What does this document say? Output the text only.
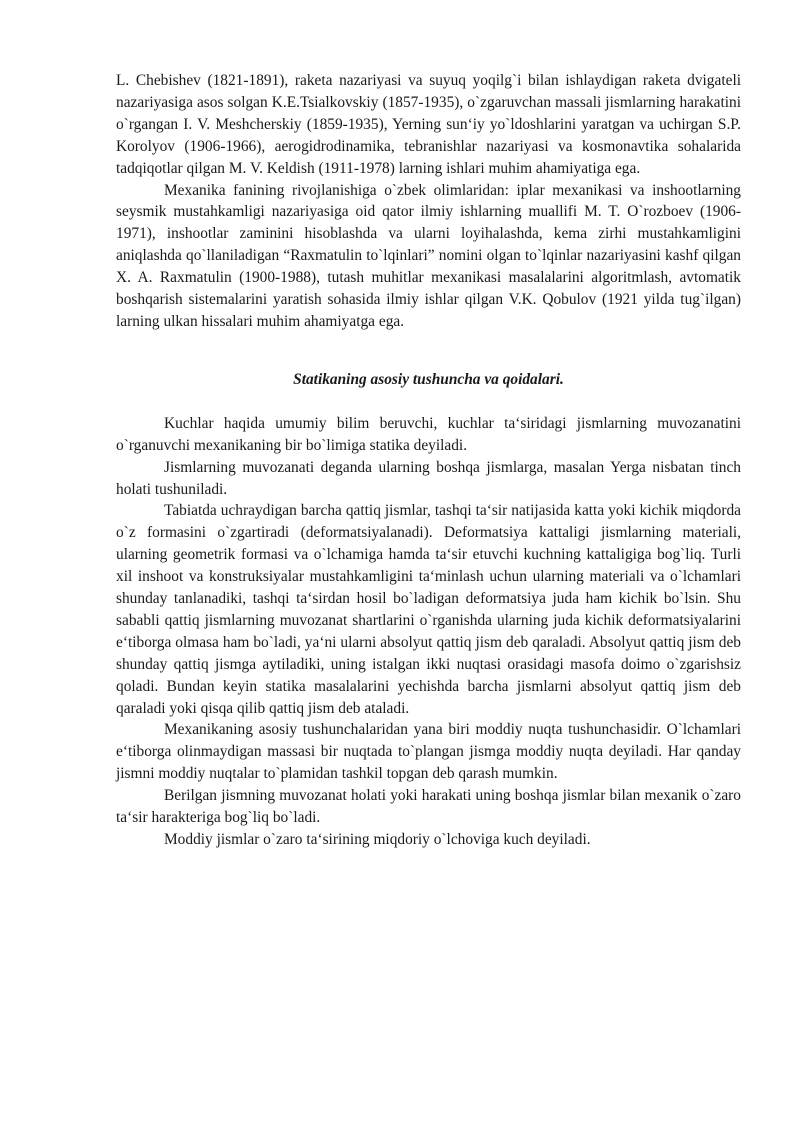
L. Chebishev (1821-1891), raketa nazariyasi va suyuq yoqilg`i bilan ishlaydigan raketa dvigateli nazariyasiga asos solgan K.E.Tsialkovskiy (1857-1935), o`zgaruvchan massali jismlarning harakatini o`rgangan I. V. Meshcherskiy (1859-1935), Yerning sun‘iy yo`ldoshlarini yaratgan va uchirgan S.P. Korolyov (1906-1966), aerogidrodinamika, tebranishlar nazariyasi va kosmonavtika sohalarida tadqiqotlar qilgan M. V. Keldish (1911-1978) larning ishlari muhim ahamiyatiga ega.

Mexanika fanining rivojlanishiga o`zbek olimlaridan: iplar mexanikasi va inshootlarning seysmik mustahkamligi nazariyasiga oid qator ilmiy ishlarning muallifi M. T. O`rozboev (1906-1971), inshootlar zaminini hisoblashda va ularni loyihalashda, kema zirhi mustahkamligini aniqlashda qo`llaniladigan “Raxmatulin to`lqinlari” nomini olgan to`lqinlar nazariyasini kashf qilgan X. A. Raxmatulin (1900-1988), tutash muhitlar mexanikasi masalalarini algoritmlash, avtomatik boshqarish sistemalarini yaratish sohasida ilmiy ishlar qilgan V.K. Qobulov (1921 yilda tug`ilgan) larning ulkan hissalari muhim ahamiyatga ega.

Statikaning asosiy tushuncha va qoidalari.

Kuchlar haqida umumiy bilim beruvchi, kuchlar ta‘siridagi jismlarning muvozanatini o`rganuvchi mexanikaning bir bo`limiga statika deyiladi.

Jismlarning muvozanati deganda ularning boshqa jismlarga, masalan Yerga nisbatan tinch holati tushuniladi.

Tabiatda uchraydigan barcha qattiq jismlar, tashqi ta‘sir natijasida katta yoki kichik miqdorda o`z formasini o`zgartiradi (deformatsiyalanadi). Deformatsiya kattaligi jismlarning materiali, ularning geometrik formasi va o`lchamiga hamda ta‘sir etuvchi kuchning kattaligiga bog`liq. Turli xil inshoot va konstruksiyalar mustahkamligini ta‘minlash uchun ularning materiali va o`lchamlari shunday tanlanadiki, tashqi ta‘sirdan hosil bo`ladigan deformatsiya juda ham kichik bo`lsin. Shu sababli qattiq jismlarning muvozanat shartlarini o`rganishda ularning juda kichik deformatsiyalarini e‘tiborga olmasa ham bo`ladi, ya‘ni ularni absolyut qattiq jism deb qaraladi. Absolyut qattiq jism deb shunday qattiq jismga aytiladiki, uning istalgan ikki nuqtasi orasidagi masofa doimo o`zgarishsiz qoladi. Bundan keyin statika masalalarini yechishda barcha jismlarni absolyut qattiq jism deb qaraladi yoki qisqa qilib qattiq jism deb ataladi.

Mexanikaning asosiy tushunchalaridan yana biri moddiy nuqta tushunchasidir. O`lchamlari e‘tiborga olinmaydigan massasi bir nuqtada to`plangan jismga moddiy nuqta deyiladi. Har qanday jismni moddiy nuqtalar to`plamidan tashkil topgan deb qarash mumkin.

Berilgan jismning muvozanat holati yoki harakati uning boshqa jismlar bilan mexanik o`zaro ta‘sir harakteriga bog`liq bo`ladi.

Moddiy jismlar o`zaro ta‘sirining miqdoriy o`lchoviga kuch deyiladi.
